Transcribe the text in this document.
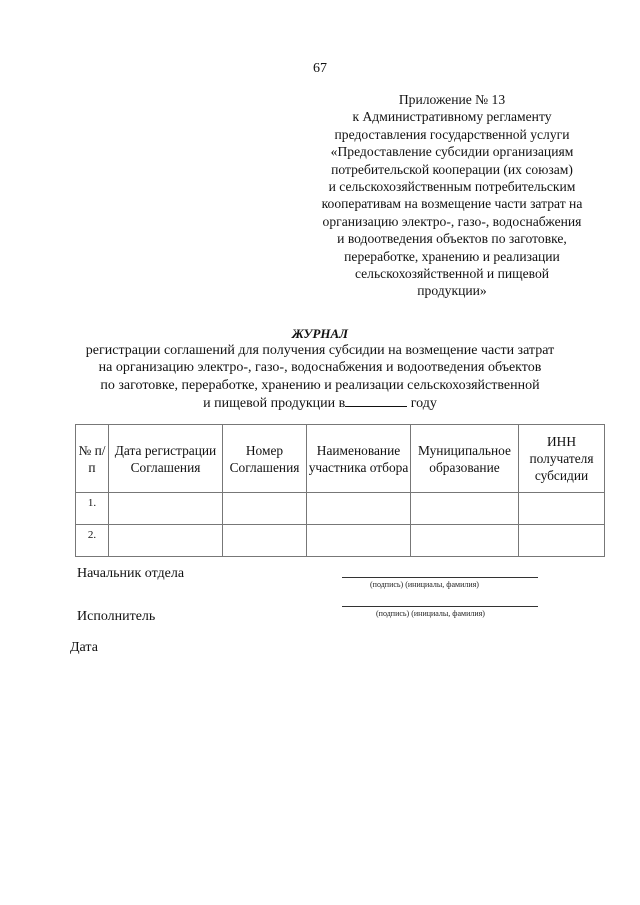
67
Приложение № 13
к Административному регламенту
предоставления государственной услуги
«Предоставление субсидии организациям
потребительской кооперации (их союзам)
и сельскохозяйственным потребительским
кооперативам на возмещение части затрат на
организацию электро-, газо-, водоснабжения
и водоотведения объектов по заготовке,
переработке, хранению и реализации
сельскохозяйственной и пищевой
продукции»
ЖУРНАЛ
регистрации соглашений для получения субсидии на возмещение части затрат
на организацию электро-, газо-, водоснабжения и водоотведения объектов
по заготовке, переработке, хранению и реализации сельскохозяйственной
и пищевой продукции в	году
№ п/п	Дата регистрации Соглашения	Номер Соглашения	Наименование участника отбора	Муниципальное образование	ИНН получателя субсидии
1.					
2.					
Начальник отдела
(подпись) (инициалы, фамилия)
(подпись) (инициалы, фамилия)
Исполнитель
Дата
